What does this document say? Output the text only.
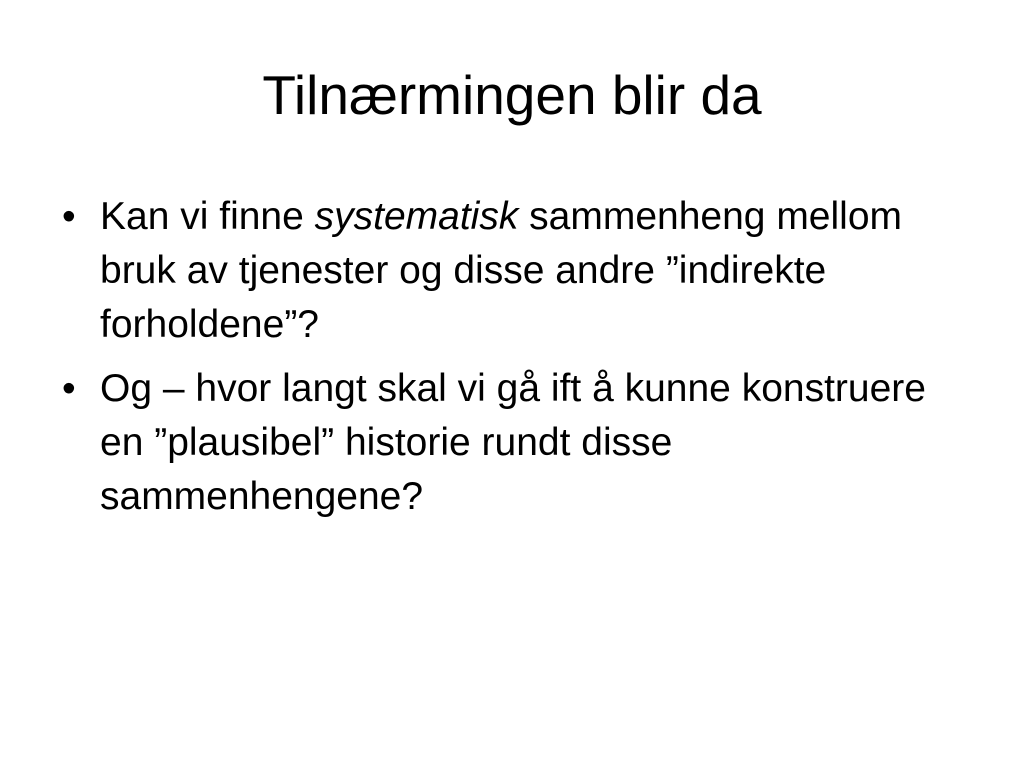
Tilnærmingen blir da
• Kan vi finne systematisk sammenheng mellom bruk av tjenester og disse andre ”indirekte forholdene”?
• Og – hvor langt skal vi gå ift å kunne konstruere en ”plausibel” historie rundt disse sammenhengene?
